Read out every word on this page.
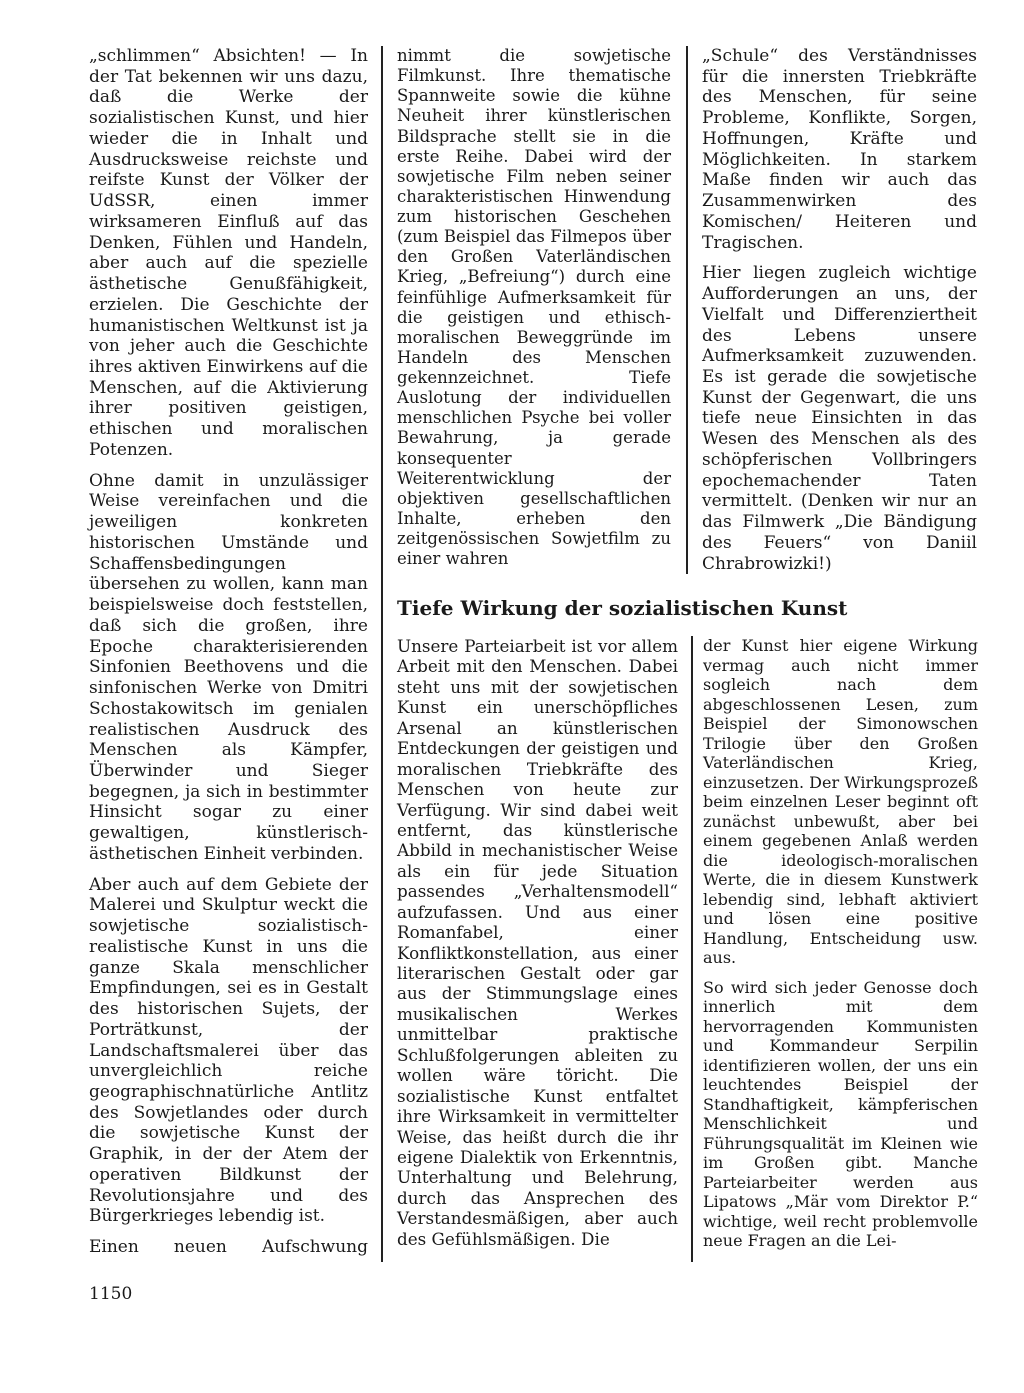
„schlimmen“ Absichten! — In der Tat bekennen wir uns dazu, daß die Werke der sozialistischen Kunst, und hier wieder die in Inhalt und Ausdrucksweise reichste und reifste Kunst der Völker der UdSSR, einen immer wirksameren Einfluß auf das Denken, Fühlen und Handeln, aber auch auf die spezielle ästhetische Genußfähigkeit, erzielen. Die Geschichte der humanistischen Weltkunst ist ja von jeher auch die Geschichte ihres aktiven Einwirkens auf die Menschen, auf die Aktivierung ihrer positiven geistigen, ethischen und moralischen Potenzen.

Ohne damit in unzulässiger Weise vereinfachen und die jeweiligen konkreten historischen Umstände und Schaffensbedingungen übersehen zu wollen, kann man beispielsweise doch feststellen, daß sich die großen, ihre Epoche charakterisierenden Sinfonien Beethovens und die sinfonischen Werke von Dmitri Schostakowitsch im genialen realistischen Ausdruck des Menschen als Kämpfer, Überwinder und Sieger begegnen, ja sich in bestimmter Hinsicht sogar zu einer gewaltigen, künstlerisch-ästhetischen Einheit verbinden.

Aber auch auf dem Gebiete der Malerei und Skulptur weckt die sowjetische sozialistisch-realistische Kunst in uns die ganze Skala menschlicher Empfindungen, sei es in Gestalt des historischen Sujets, der Porträtkunst, der Landschaftsmalerei über das unvergleichlich reiche geographischnatürliche Antlitz des Sowjetlandes oder durch die sowjetische Kunst der Graphik, in der der Atem der operativen Bildkunst der Revolutionsjahre und des Bürgerkrieges lebendig ist.

Einen neuen Aufschwung

nimmt die sowjetische Filmkunst. Ihre thematische Spannweite sowie die kühne Neuheit ihrer künstlerischen Bildsprache stellt sie in die erste Reihe. Dabei wird der sowjetische Film neben seiner charakteristischen Hinwendung zum historischen Geschehen (zum Beispiel das Filmepos über den Großen Vaterländischen Krieg, „Befreiung“) durch eine feinfühlige Aufmerksamkeit für die geistigen und ethisch-moralischen Beweggründe im Handeln des Menschen gekennzeichnet. Tiefe Auslotung der individuellen menschlichen Psyche bei voller Bewahrung, ja gerade konsequenter Weiterentwicklung der objektiven gesellschaftlichen Inhalte, erheben den zeitgenössischen Sowjetfilm zu einer wahren

„Schule“ des Verständnisses für die innersten Triebkräfte des Menschen, für seine Probleme, Konflikte, Sorgen, Hoffnungen, Kräfte und Möglichkeiten. In starkem Maße finden wir auch das Zusammenwirken des Komischen/ Heiteren und Tragischen.

Hier liegen zugleich wichtige Aufforderungen an uns, der Vielfalt und Differenziertheit des Lebens unsere Aufmerksamkeit zuzuwenden. Es ist gerade die sowjetische Kunst der Gegenwart, die uns tiefe neue Einsichten in das Wesen des Menschen als des schöpferischen Vollbringers epochemachender Taten vermittelt. (Denken wir nur an das Filmwerk „Die Bändigung des Feuers“ von Daniil Chrabrowizki!)

Tiefe Wirkung der sozialistischen Kunst

Unsere Parteiarbeit ist vor allem Arbeit mit den Menschen. Dabei steht uns mit der sowjetischen Kunst ein unerschöpfliches Arsenal an künstlerischen Entdeckungen der geistigen und moralischen Triebkräfte des Menschen von heute zur Verfügung. Wir sind dabei weit entfernt, das künstlerische Abbild in mechanistischer Weise als ein für jede Situation passendes „Verhaltensmodell“ aufzufassen. Und aus einer Romanfabel, einer Konfliktkonstellation, aus einer literarischen Gestalt oder gar aus der Stimmungslage eines musikalischen Werkes unmittelbar praktische Schlußfolgerungen ableiten zu wollen wäre töricht. Die sozialistische Kunst entfaltet ihre Wirksamkeit in vermittelter Weise, das heißt durch die ihr eigene Dialektik von Erkenntnis, Unterhaltung und Belehrung, durch das Ansprechen des Verstandesmäßigen, aber auch des Gefühlsmäßigen. Die

der Kunst hier eigene Wirkung vermag auch nicht immer sogleich nach dem abgeschlossenen Lesen, zum Beispiel der Simonowschen Trilogie über den Großen Vaterländischen Krieg, einzusetzen. Der Wirkungsprozeß beim einzelnen Leser beginnt oft zunächst unbewußt, aber bei einem gegebenen Anlaß werden die ideologisch-moralischen Werte, die in diesem Kunstwerk lebendig sind, lebhaft aktiviert und lösen eine positive Handlung, Entscheidung usw. aus.

So wird sich jeder Genosse doch innerlich mit dem hervorragenden Kommunisten und Kommandeur Serpilin identifizieren wollen, der uns ein leuchtendes Beispiel der Standhaftigkeit, kämpferischen Menschlichkeit und Führungsqualität im Kleinen wie im Großen gibt. Manche Parteiarbeiter werden aus Lipatows „Mär vom Direktor P.“ wichtige, weil recht problemvolle neue Fragen an die Lei-

1150
